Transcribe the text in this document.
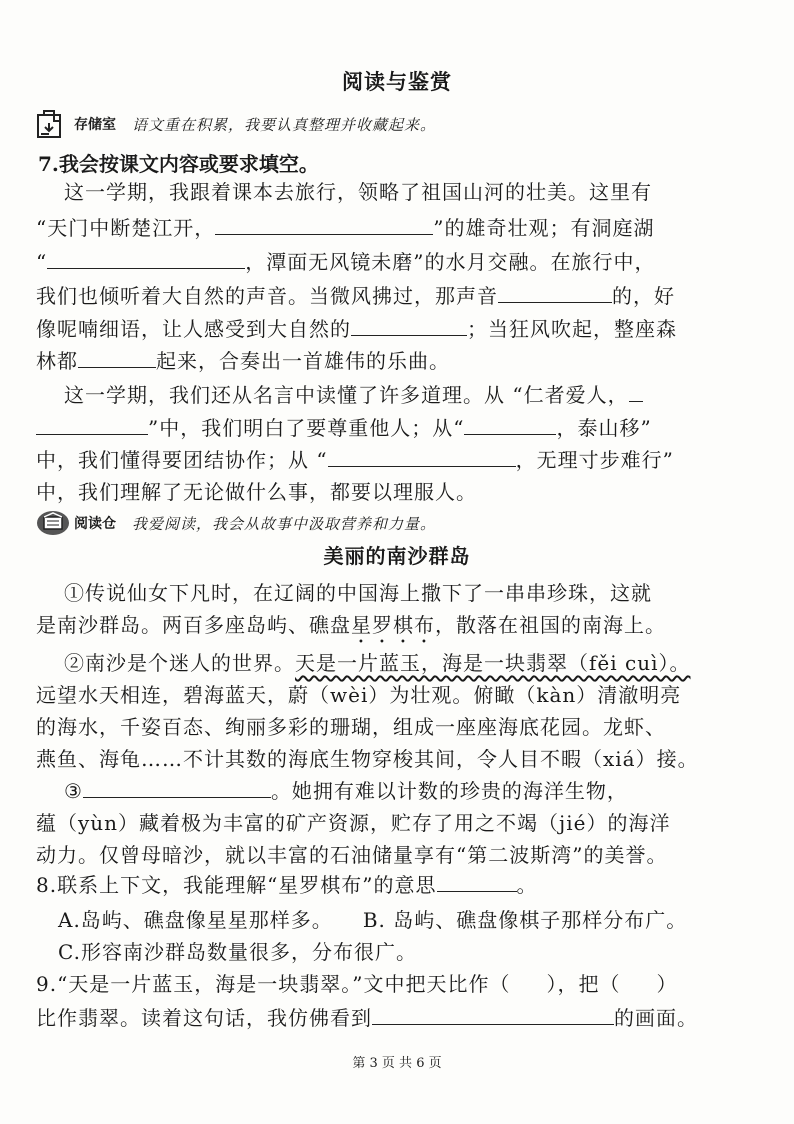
阅读与鉴赏
存储室 语文重在积累，我要认真整理并收藏起来。
7.我会按课文内容或要求填空。
这一学期，我跟着课本去旅行，领略了祖国山河的壮美。这里有
“天门中断楚江开，	”的雄奇壮观；有洞庭湖
“	，潭面无风镜未磨”的水月交融。在旅行中，
我们也倾听着大自然的声音。当微风拂过，那声音	的，好
像呢喃细语，让人感受到大自然的	；当狂风吹起，整座森
林都	起来，合奏出一首雄伟的乐曲。
这一学期，我们还从名言中读懂了许多道理。从 “仁者爱人，
”中，我们明白了要尊重他人；从“	，泰山移”
中，我们懂得要团结协作；从 “	，无理寸步难行”
中，我们理解了无论做什么事，都要以理服人。
阅读仓 我爱阅读，我会从故事中汲取营养和力量。
美丽的南沙群岛
①传说仙女下凡时，在辽阔的中国海上撒下了一串串珍珠，这就
是南沙群岛。两百多座岛屿、礁盘星罗棋布，散落在祖国的南海上。
②南沙是个迷人的世界。天是一片蓝玉，海是一块翡翠（fěi cuì）。
远望水天相连，碧海蓝天，蔚（wèi）为壮观。俯瞰（kàn）清澈明亮
的海水，千姿百态、绚丽多彩的珊瑚，组成一座座海底花园。龙虾、
燕鱼、海龟……不计其数的海底生物穿梭其间，令人目不暇（xiá）接。
③	。她拥有难以计数的珍贵的海洋生物，
蕴（yùn）藏着极为丰富的矿产资源，贮存了用之不竭（jié）的海洋
动力。仅曾母暗沙，就以丰富的石油储量享有“第二波斯湾”的美誉。
8.联系上下文，我能理解“星罗棋布”的意思	。
A.岛屿、礁盘像星星那样多。 B. 岛屿、礁盘像棋子那样分布广。
C.形容南沙群岛数量很多，分布很广。
9.“天是一片蓝玉，海是一块翡翠。”文中把天比作（ ），把（ ）
比作翡翠。读着这句话，我仿佛看到	的画面。
第 3 页 共 6 页
